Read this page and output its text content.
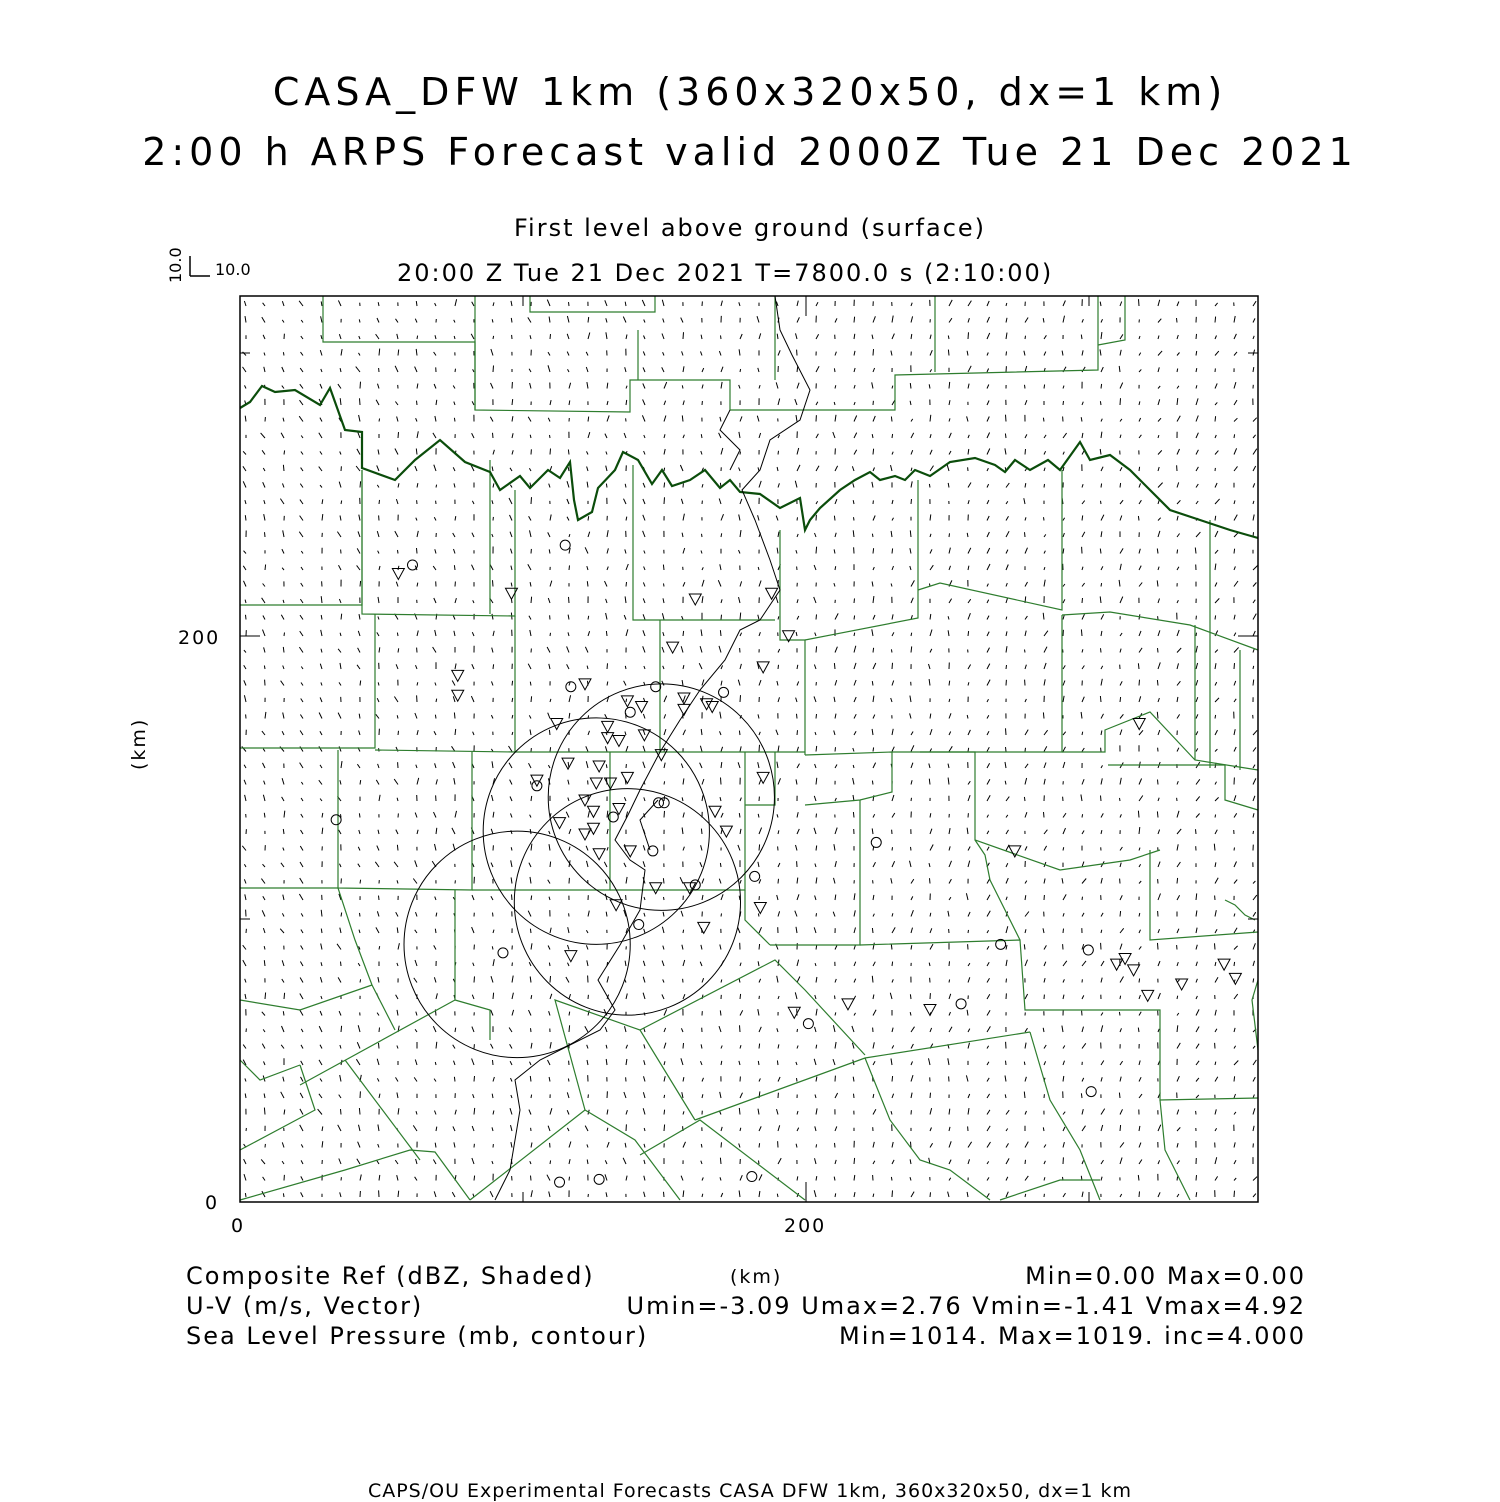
CASA_DFW 1km (360x320x50, dx=1 km)
2:00 h ARPS Forecast valid 2000Z Tue 21 Dec 2021
First level above ground (surface)
20:00 Z Tue 21 Dec 2021 T=7800.0 s (2:10:00)
10.0
10.0
(km)
(km)
200
0
0	200
Composite Ref (dBZ, Shaded)	Min=0.00 Max=0.00
U-V (m/s, Vector)	Umin=-3.09 Umax=2.76 Vmin=-1.41 Vmax=4.92
Sea Level Pressure (mb, contour)	Min=1014. Max=1019. inc=4.000
CAPS/OU Experimental Forecasts CASA DFW 1km, 360x320x50, dx=1 km
